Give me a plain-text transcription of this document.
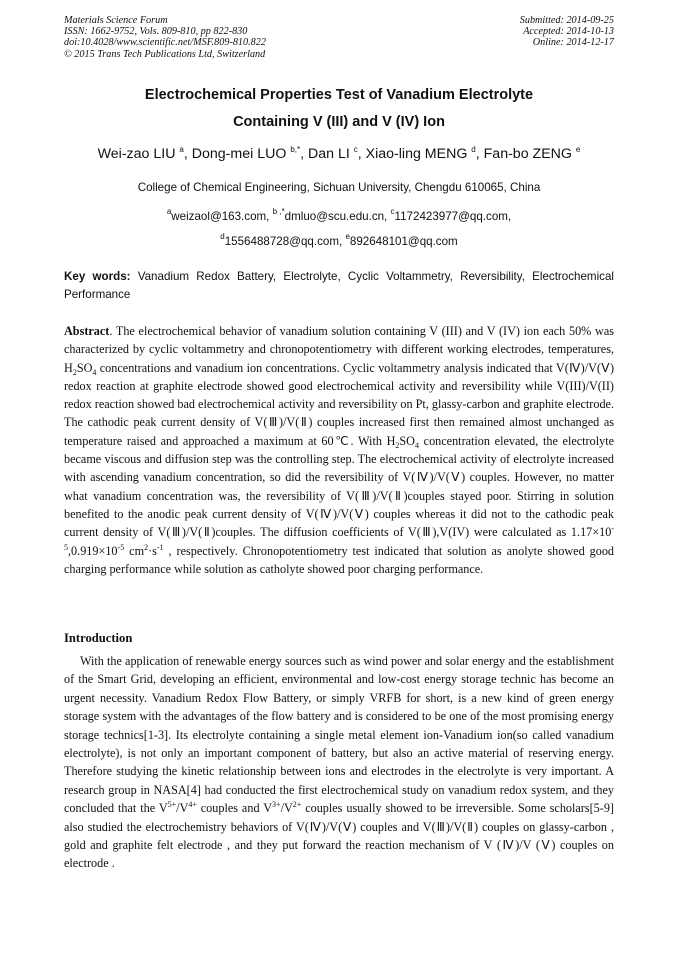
Materials Science Forum
ISSN: 1662-9752, Vols. 809-810, pp 822-830
doi:10.4028/www.scientific.net/MSF.809-810.822
© 2015 Trans Tech Publications Ltd, Switzerland
Submitted: 2014-09-25
Accepted: 2014-10-13
Online: 2014-12-17
Electrochemical Properties Test of Vanadium Electrolyte
Containing V (III) and V (IV) Ion
Wei-zao LIU $^a$, Dong-mei LUO $^{b,*}$, Dan LI $^c$, Xiao-ling MENG $^d$, Fan-bo ZENG $^e$
College of Chemical Engineering, Sichuan University, Chengdu 610065, China
$^a$weizaol@163.com, $^{b ,*}$dmluo@scu.edu.cn, $^c$1172423977@qq.com,
$^d$1556488728@qq.com, $^e$892648101@qq.com
Key words: Vanadium Redox Battery, Electrolyte, Cyclic Voltammetry, Reversibility, Electrochemical Performance
Abstract. The electrochemical behavior of vanadium solution containing V (III) and V (IV) ion each 50% was characterized by cyclic voltammetry and chronopotentiometry with different working electrodes, temperatures, $H_2SO_4$ concentrations and vanadium ion concentrations. Cyclic voltammetry analysis indicated that V(Ⅳ)/V(Ⅴ) redox reaction at graphite electrode showed good electrochemical activity and reversibility while V(III)/V(II) redox reaction showed bad electrochemical activity and reversibility on Pt, glassy-carbon and graphite electrode. The cathodic peak current density of V(Ⅲ)/V(Ⅱ) couples increased first then remained almost unchanged as temperature raised and approached a maximum at 60℃. With $H_2SO_4$ concentration elevated, the electrolyte became viscous and diffusion step was the controlling step. The electrochemical activity of electrolyte increased with ascending vanadium concentration, so did the reversibility of V(Ⅳ)/V(Ⅴ) couples. However, no matter what vanadium concentration was, the reversibility of V(Ⅲ)/V(Ⅱ)couples stayed poor. Stirring in solution benefited to the anodic peak current density of V(Ⅳ)/V(Ⅴ) couples whereas it did not to the cathodic peak current density of V(Ⅲ)/V(Ⅱ)couples. The diffusion coefficients of V(Ⅲ),V(IV) were calculated as $1.17\times 10^{-5},0.919\times 10^{-5}$ $cm^2\cdot s^{-1}$ , respectively. Chronopotentiometry test indicated that solution as anolyte showed good charging performance while solution as catholyte showed poor charging performance.
Introduction
With the application of renewable energy sources such as wind power and solar energy and the establishment of the Smart Grid, developing an efficient, environmental and low-cost energy storage technic has become an urgent necessity. Vanadium Redox Flow Battery, or simply VRFB for short, is a new kind of green energy storage system with the advantages of the flow battery and is considered to be one of the most promising energy storage technics[1-3]. Its electrolyte containing a single metal element ion-Vanadium ion(so called vanadium electrolyte), is not only an important component of battery, but also an active material of reserving energy. Therefore studying the kinetic relationship between ions and electrodes in the electrolyte is very important. A research group in NASA[4] had conducted the first electrochemical study on vanadium redox system, and they concluded that the $V^{5+}/V^{4+}$ couples and $V^{3+}/V^{2+}$ couples usually showed to be irreversible. Some scholars[5-9] also studied the electrochemistry behaviors of V(Ⅳ)/V(Ⅴ) couples and V(Ⅲ)/V(Ⅱ) couples on glassy-carbon , gold and graphite felt electrode , and they put forward the reaction mechanism of V (Ⅳ)/V (Ⅴ) couples on electrode .
